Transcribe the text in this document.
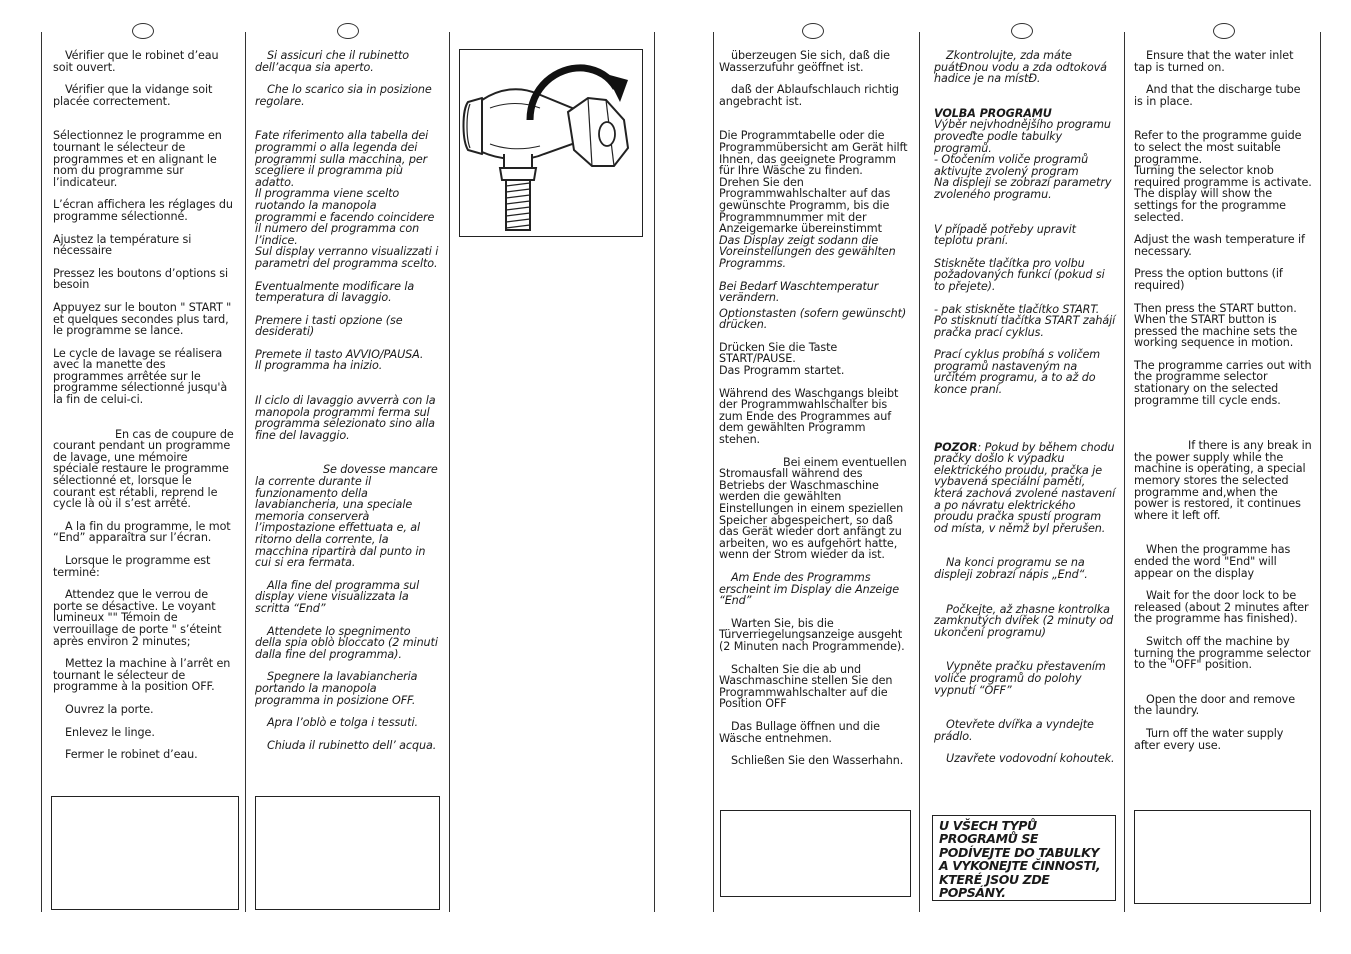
Vérifier que le robinet d’eau soit ouvert.

Vérifier que la vidange soit placée correctement.

Sélectionnez le programme en tournant le sélecteur de programmes et en alignant le nom du programme sur l’indicateur.

L’écran affichera les réglages du programme sélectionné.

Ajustez la température si nécessaire

Pressez les boutons d’options si besoin

Appuyez sur le bouton " START " et quelques secondes plus tard, le programme se lance.

Le cycle de lavage se réalisera avec la manette des programmes arrêtée sur le programme sélectionné jusqu'à la fin de celui-ci.

En cas de coupure de courant pendant un programme de lavage, une mémoire spéciale restaure le programme sélectionné et, lorsque le courant est rétabli, reprend le cycle là où il s’est arrêté.

A la fin du programme, le mot “End” apparaîtra sur l’écran.

Lorsque le programme est terminé:

Attendez que le verrou de porte se désactive. Le voyant lumineux "" Témoin de verrouillage de porte " s’éteint après environ 2 minutes;

Mettez la machine à l’arrêt en tournant le sélecteur de programme à la position OFF.

Ouvrez la porte.

Enlevez le linge.

Fermer le robinet d’eau.

Si assicuri che il rubinetto dell’acqua sia aperto.

Che lo scarico sia in posizione regolare.

Fate riferimento alla tabella dei programmi o alla legenda dei programmi sulla macchina, per scegliere il programma più adatto.
Il programma viene scelto ruotando la manopola programmi e facendo coincidere il numero del programma con l’indice.
Sul display verranno visualizzati i parametri del programma scelto.

Eventualmente modificare la temperatura di lavaggio.

Premere i tasti opzione (se desiderati)

Premete il tasto AVVIO/PAUSA.
Il programma ha inizio.

Il ciclo di lavaggio avverrà con la manopola programmi ferma sul programma selezionato sino alla fine del lavaggio.

Se dovesse mancare la corrente durante il funzionamento della lavabiancheria, una speciale memoria conserverà l’impostazione effettuata e, al ritorno della corrente, la macchina ripartirà dal punto in cui si era fermata.

Alla fine del programma sul display viene visualizzata la scritta “End”

Attendete lo spegnimento della spia oblò bloccato (2 minuti dalla fine del programma).

Spegnere la lavabiancheria portando la manopola programma in posizione OFF.

Apra l’oblò e tolga i tessuti.

Chiuda il rubinetto dell’ acqua.

überzeugen Sie sich, daß die Wasserzufuhr geöffnet ist.

daß der Ablaufschlauch richtig angebracht ist.

Die Programmtabelle oder die Programmübersicht am Gerät hilft Ihnen, das geeignete Programm für Ihre Wäsche zu finden.
Drehen Sie den Programmwahlschalter auf das gewünschte Programm, bis die Programmnummer mit der Anzeigemarke übereinstimmt
Das Display zeigt sodann die Voreinstellungen des gewählten Programms.

Bei Bedarf Waschtemperatur verändern.

Optionstasten (sofern gewünscht) drücken.

Drücken Sie die Taste START/PAUSE.
Das Programm startet.

Während des Waschgangs bleibt der Programmwahlschalter bis zum Ende des Programmes auf dem gewählten Programm stehen.

Bei einem eventuellen Stromausfall während des Betriebs der Waschmaschine werden die gewählten Einstellungen in einem speziellen Speicher abgespeichert, so daß das Gerät wieder dort anfängt zu arbeiten, wo es aufgehört hatte, wenn der Strom wieder da ist.

Am Ende des Programms erscheint im Display die Anzeige “End”

Warten Sie, bis die Türverriegelungsanzeige ausgeht (2 Minuten nach Programmende).

Schalten Sie die ab und Waschmaschine stellen Sie den Programmwahlschalter auf die Position OFF

Das Bullage öffnen und die Wäsche entnehmen.

Schließen Sie den Wasserhahn.

Zkontrolujte, zda máte puátÐnou vodu a zda odtoková hadice je na místÐ.

VOLBA PROGRAMU

Výběr nejvhodnějšího programu proveďte podle tabulky programů.
- Otočením voliče programů aktivujte zvolený program
Na displeji se zobrazí parametry zvoleného programu.

V případě potřeby upravit teplotu praní.

Stiskněte tlačítka pro volbu požadovaných funkcí (pokud si to přejete).

- pak stiskněte tlačítko START.
Po stisknutí tlačítka START zahájí pračka prací cyklus.

Prací cyklus probíhá s voličem programů nastaveným na určitém programu, a to až do konce praní.

POZOR: Pokud by během chodu pračky došlo k výpadku elektrického proudu, pračka je vybavená speciální pamětí, která zachová zvolené nastavení a po návratu elektrického proudu pračka spustí program od místa, v němž byl přerušen.

Na konci programu se na displeji zobrazí nápis „End“.

Počkejte, až zhasne kontrolka zamknutých dvířek (2 minuty od ukončení programu)

Vypněte pračku přestavením voliče programů do polohy vypnutí “OFF”

Otevřete dvířka a vyndejte prádlo.

Uzavřete vodovodní kohoutek.

U VŠECH TYPŮ PROGRAMŮ SE PODÍVEJTE DO TABULKY A VYKONEJTE ČINNOSTI, KTERÉ JSOU ZDE POPSÁNY.

Ensure that the water inlet tap is turned on.

And that the discharge tube is in place.

Refer to the programme guide to select the most suitable programme.
Turning the selector knob required programme is activate.
The display will show the settings for the programme selected.

Adjust the wash temperature if necessary.

Press the option buttons (if required)

Then press the START button.
When the START button is pressed the machine sets the working sequence in motion.

The programme carries out with the programme selector stationary on the selected programme till cycle ends.

If there is any break in the power supply while the machine is operating, a special memory stores the selected programme and,when the power is restored, it continues where it left off.

When the programme has ended the word "End" will appear on the display

Wait for the door lock to be released (about 2 minutes after the programme has finished).

Switch off the machine by turning the programme selector to the "OFF" position.

Open the door and remove the laundry.

Turn off the water supply after every use.
